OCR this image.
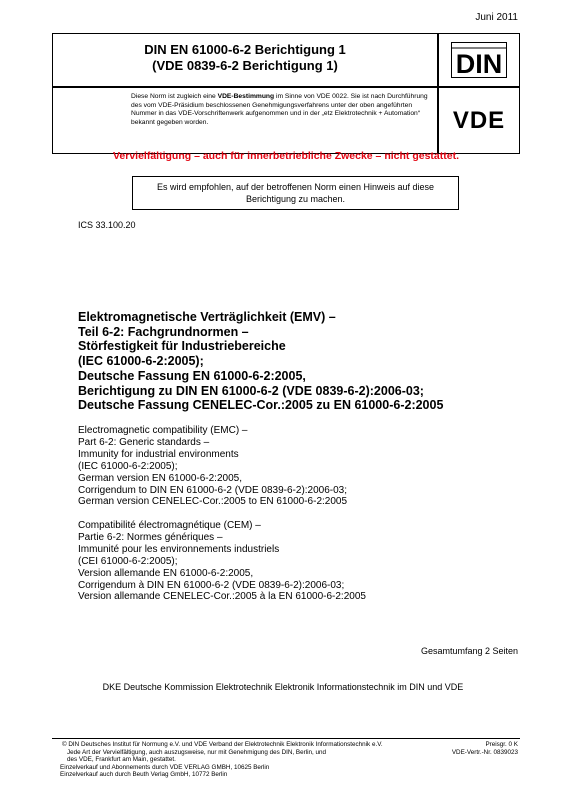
Juni 2011
DIN EN 61000-6-2 Berichtigung 1
(VDE 0839-6-2 Berichtigung 1)	DIN
Diese Norm ist zugleich eine VDE-Bestimmung im Sinne von VDE 0022. Sie ist nach Durchführung des vom VDE-Präsidium beschlossenen Genehmigungsverfahrens unter der oben angeführten Nummer in das VDE-Vorschriftenwerk aufgenommen und in der „etz Elektrotechnik + Automation“ bekannt gegeben worden.	VDE
Vervielfältigung – auch für innerbetriebliche Zwecke – nicht gestattet.
Es wird empfohlen, auf der betroffenen Norm einen Hinweis auf diese Berichtigung zu machen.
ICS 33.100.20
Elektromagnetische Verträglichkeit (EMV) –
Teil 6-2: Fachgrundnormen –
Störfestigkeit für Industriebereiche
(IEC 61000-6-2:2005);
Deutsche Fassung EN 61000-6-2:2005,
Berichtigung zu DIN EN 61000-6-2 (VDE 0839-6-2):2006-03;
Deutsche Fassung CENELEC-Cor.:2005 zu EN 61000-6-2:2005
Electromagnetic compatibility (EMC) –
Part 6-2: Generic standards –
Immunity for industrial environments
(IEC 61000-6-2:2005);
German version EN 61000-6-2:2005,
Corrigendum to DIN EN 61000-6-2 (VDE 0839-6-2):2006-03;
German version CENELEC-Cor.:2005 to EN 61000-6-2:2005
Compatibilité électromagnétique (CEM) –
Partie 6-2: Normes génériques –
Immunité pour les environnements industriels
(CEI 61000-6-2:2005);
Version allemande EN 61000-6-2:2005,
Corrigendum à DIN EN 61000-6-2 (VDE 0839-6-2):2006-03;
Version allemande CENELEC-Cor.:2005 à la EN 61000-6-2:2005
Gesamtumfang 2 Seiten
DKE Deutsche Kommission Elektrotechnik Elektronik Informationstechnik im DIN und VDE
© DIN Deutsches Institut für Normung e.V. und VDE Verband der Elektrotechnik Elektronik Informationstechnik e.V.
Jede Art der Vervielfältigung, auch auszugsweise, nur mit Genehmigung des DIN, Berlin, und
des VDE, Frankfurt am Main, gestattet.
Einzelverkauf und Abonnements durch VDE VERLAG GMBH, 10625 Berlin
Einzelverkauf auch durch Beuth Verlag GmbH, 10772 Berlin
Preisgr. 0 K
VDE-Vertr.-Nr. 0839023
